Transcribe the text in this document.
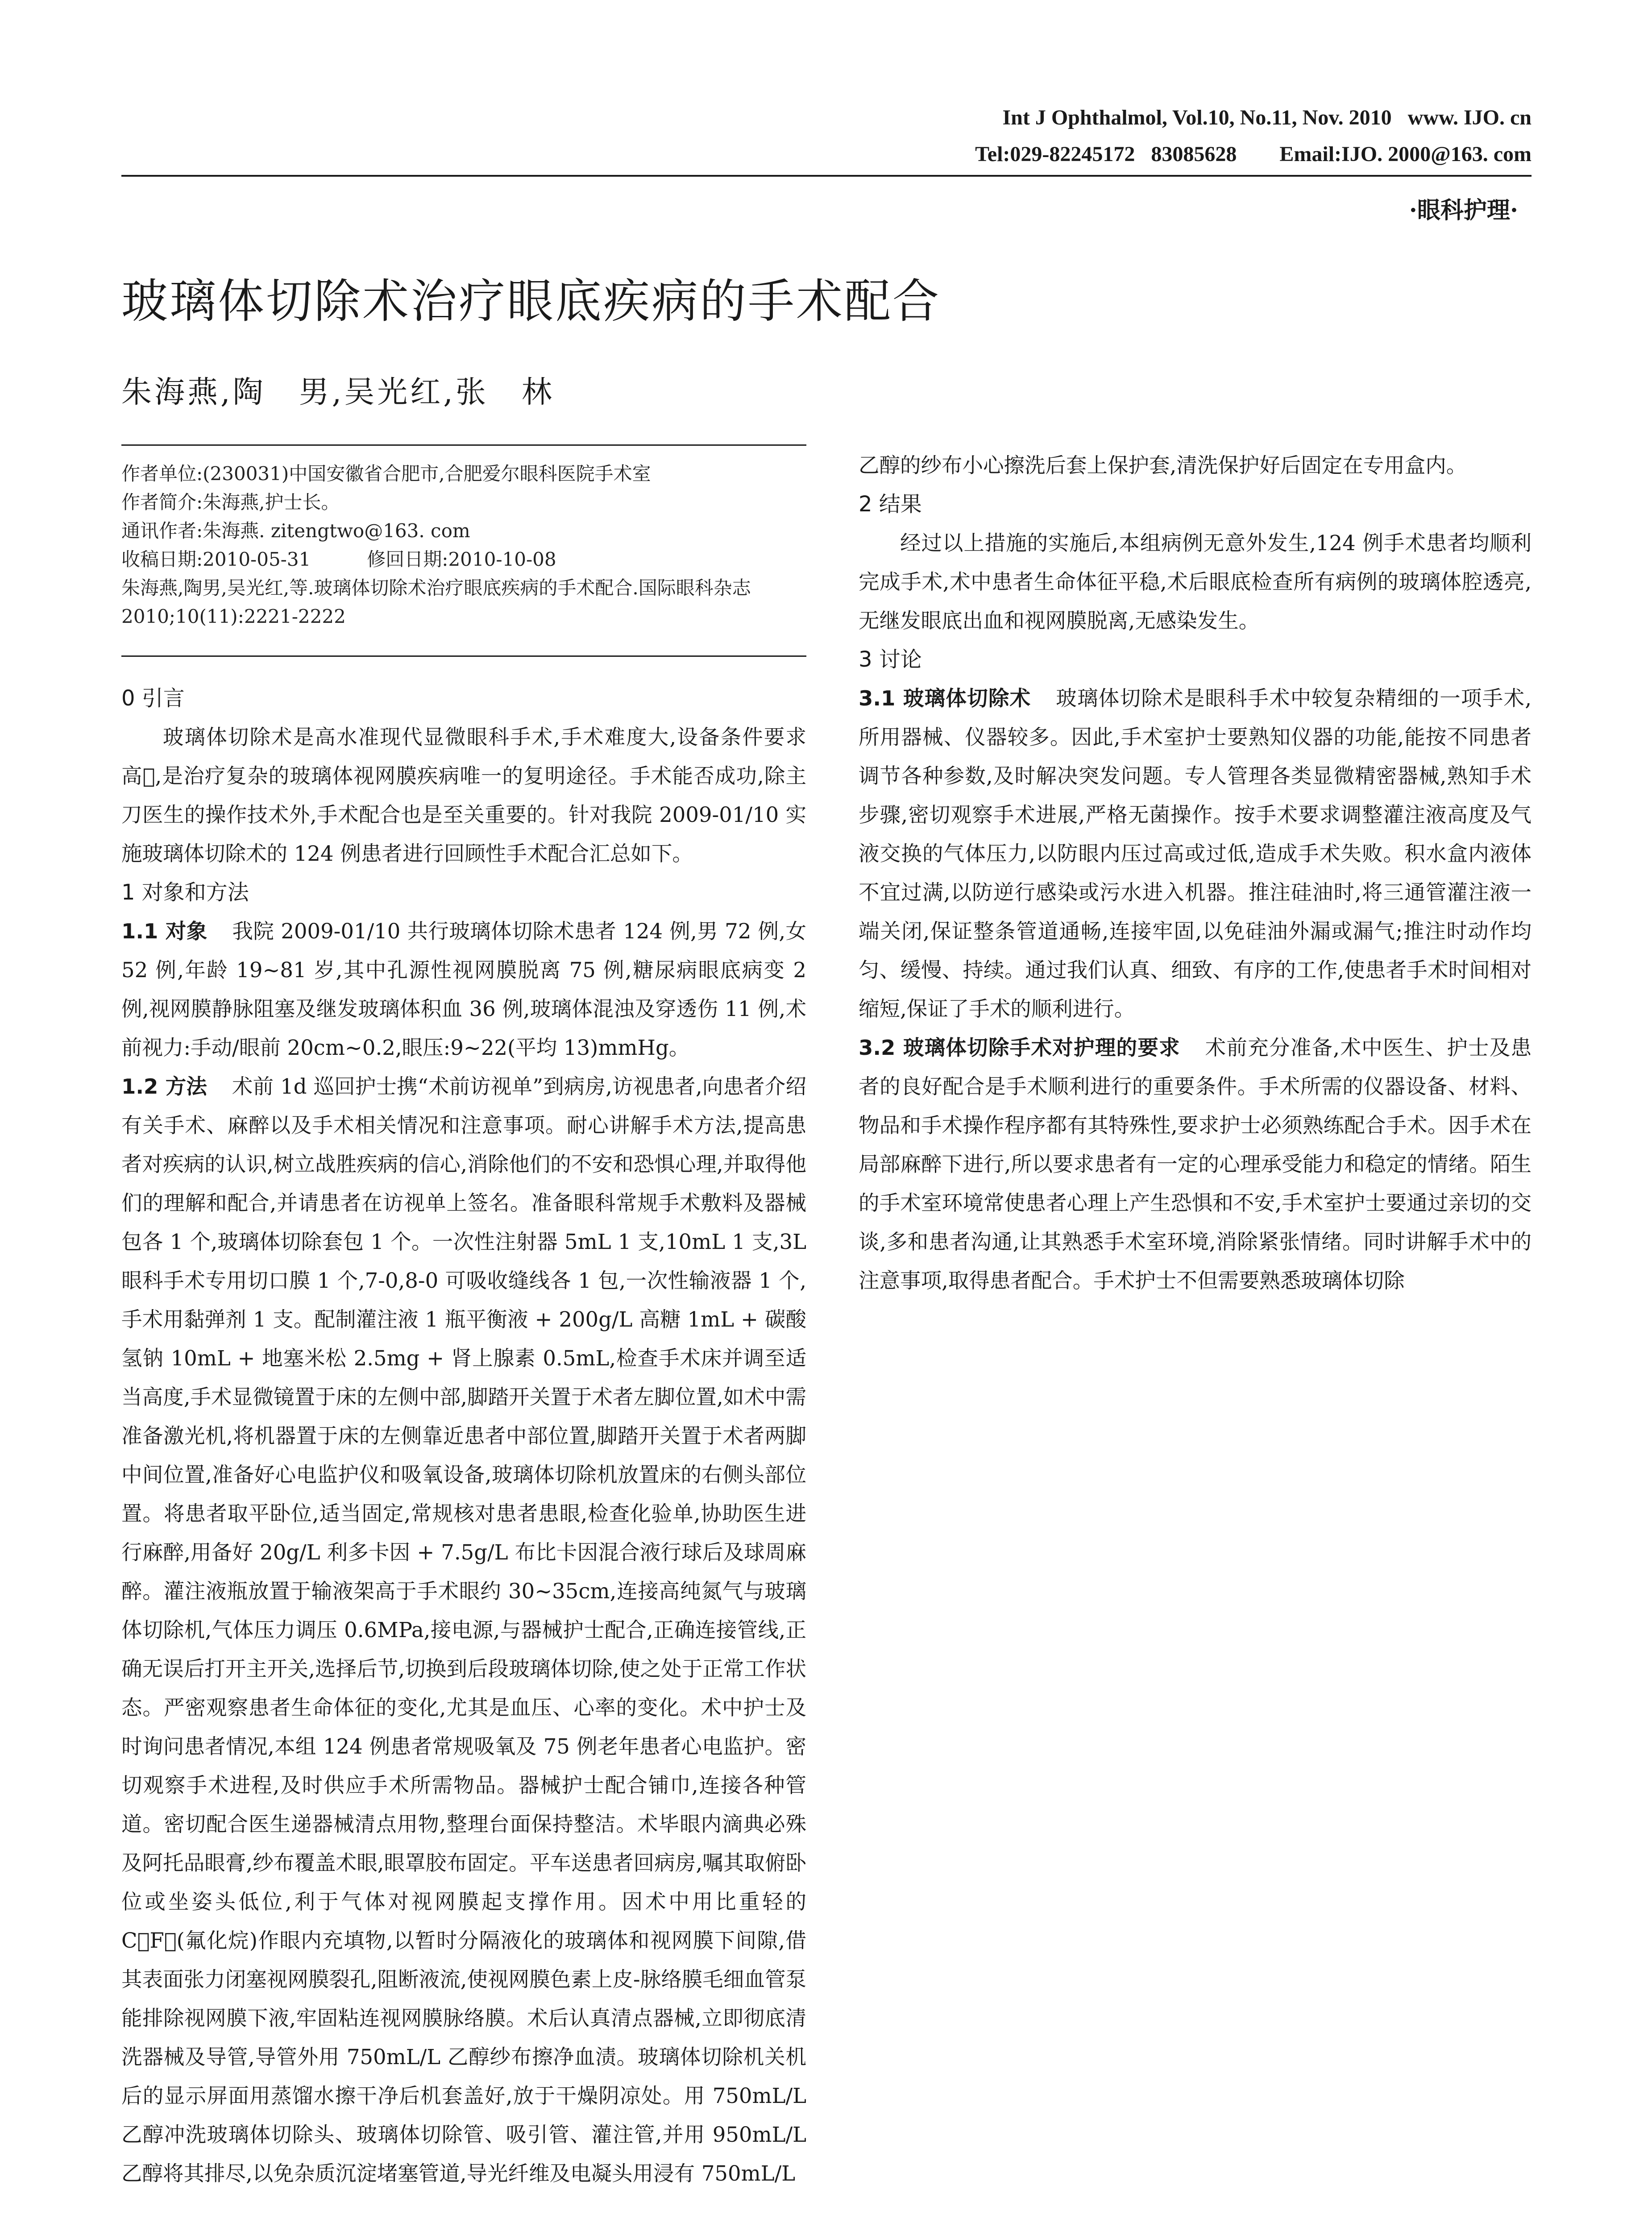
Int J Ophthalmol, Vol.10, No.11, Nov. 2010   www. IJO. cn
Tel:029-82245172   83085628        Email:IJO. 2000@163. com
·眼科护理·
玻璃体切除术治疗眼底疾病的手术配合
朱海燕,陶　男,吴光红,张　林

作者单位:(230031)中国安徽省合肥市,合肥爱尔眼科医院手术室

作者简介:朱海燕,护士长。

通讯作者:朱海燕. zitengtwo@163. com

收稿日期:2010-05-31　　　修回日期:2010-10-08

朱海燕,陶男,吴光红,等.玻璃体切除术治疗眼底疾病的手术配合.国际眼科杂志 2010;10(11):2221-2222

0 引言

玻璃体切除术是高水准现代显微眼科手术,手术难度大,设备条件要求高 ,是治疗复杂的玻璃体视网膜疾病唯一的复明途径。手术能否成功,除主刀医生的操作技术外,手术配合也是至关重要的。针对我院 2009-01/10 实施玻璃体切除术的 124 例患者进行回顾性手术配合汇总如下。

1 对象和方法

1.1 对象 我院 2009-01/10 共行玻璃体切除术患者 124 例,男 72 例,女 52 例,年龄 19~81 岁,其中孔源性视网膜脱离 75 例,糖尿病眼底病变 2 例,视网膜静脉阻塞及继发玻璃体积血 36 例,玻璃体混浊及穿透伤 11 例,术前视力:手动/眼前 20cm~0.2,眼压:9~22(平均 13)mmHg。

1.2 方法 术前 1d 巡回护士携“术前访视单”到病房,访视患者,向患者介绍有关手术、麻醉以及手术相关情况和注意事项。耐心讲解手术方法,提高患者对疾病的认识,树立战胜疾病的信心,消除他们的不安和恐惧心理,并取得他们的理解和配合,并请患者在访视单上签名。准备眼科常规手术敷料及器械包各 1 个,玻璃体切除套包 1 个。一次性注射器 5mL 1 支,10mL 1 支,3L 眼科手术专用切口膜 1 个,7-0,8-0 可吸收缝线各 1 包,一次性输液器 1 个,手术用黏弹剂 1 支。配制灌注液 1 瓶平衡液 + 200g/L 高糖 1mL + 碳酸氢钠 10mL + 地塞米松 2.5mg + 肾上腺素 0.5mL,检查手术床并调至适当高度,手术显微镜置于床的左侧中部,脚踏开关置于术者左脚位置,如术中需准备激光机,将机器置于床的左侧靠近患者中部位置,脚踏开关置于术者两脚中间位置,准备好心电监护仪和吸氧设备,玻璃体切除机放置床的右侧头部位置。将患者取平卧位,适当固定,常规核对患者患眼,检查化验单,协助医生进行麻醉,用备好 20g/L 利多卡因 + 7.5g/L 布比卡因混合液行球后及球周麻醉。灌注液瓶放置于输液架高于手术眼约 30~35cm,连接高纯氮气与玻璃体切除机,气体压力调压 0.6MPa,接电源,与器械护士配合,正确连接管线,正确无误后打开主开关,选择后节,切换到后段玻璃体切除,使之处于正常工作状态。严密观察患者生命体征的变化,尤其是血压、心率的变化。术中护士及时询问患者情况,本组 124 例患者常规吸氧及 75 例老年患者心电监护。密切观察手术进程,及时供应手术所需物品。器械护士配合铺巾,连接各种管道。密切配合医生递器械清点用物,整理台面保持整洁。术毕眼内滴典必殊及阿托品眼膏,纱布覆盖术眼,眼罩胶布固定。平车送患者回病房,嘱其取俯卧位或坐姿头低位,利于气体对视网膜起支撑作用。因术中用比重轻的 C F (氟化烷)作眼内充填物,以暂时分隔液化的玻璃体和视网膜下间隙,借其表面张力闭塞视网膜裂孔,阻断液流,使视网膜色素上皮-脉络膜毛细血管泵能排除视网膜下液,牢固粘连视网膜脉络膜。术后认真清点器械,立即彻底清洗器械及导管,导管外用 750mL/L 乙醇纱布擦净血渍。玻璃体切除机关机后的显示屏面用蒸馏水擦干净后机套盖好,放于干燥阴凉处。用 750mL/L 乙醇冲洗玻璃体切除头、玻璃体切除管、吸引管、灌注管,并用 950mL/L 乙醇将其排尽,以免杂质沉淀堵塞管道,导光纤维及电凝头用浸有 750mL/L

乙醇的纱布小心擦洗后套上保护套,清洗保护好后固定在专用盒内。

2 结果

经过以上措施的实施后,本组病例无意外发生,124 例手术患者均顺利完成手术,术中患者生命体征平稳,术后眼底检查所有病例的玻璃体腔透亮,无继发眼底出血和视网膜脱离,无感染发生。

3 讨论

3.1 玻璃体切除术 玻璃体切除术是眼科手术中较复杂精细的一项手术,所用器械、仪器较多。因此,手术室护士要熟知仪器的功能,能按不同患者调节各种参数,及时解决突发问题。专人管理各类显微精密器械,熟知手术步骤,密切观察手术进展,严格无菌操作。按手术要求调整灌注液高度及气液交换的气体压力,以防眼内压过高或过低,造成手术失败。积水盒内液体不宜过满,以防逆行感染或污水进入机器。推注硅油时,将三通管灌注液一端关闭,保证整条管道通畅,连接牢固,以免硅油外漏或漏气;推注时动作均匀、缓慢、持续。通过我们认真、细致、有序的工作,使患者手术时间相对缩短,保证了手术的顺利进行。

3.2 玻璃体切除手术对护理的要求 术前充分准备,术中医生、护士及患者的良好配合是手术顺利进行的重要条件。手术所需的仪器设备、材料、物品和手术操作程序都有其特殊性,要求护士必须熟练配合手术。因手术在局部麻醉下进行,所以要求患者有一定的心理承受能力和稳定的情绪。陌生的手术室环境常使患者心理上产生恐惧和不安,手术室护士要通过亲切的交谈,多和患者沟通,让其熟悉手术室环境,消除紧张情绪。同时讲解手术中的注意事项,取得患者配合。手术护士不但需要熟悉玻璃体切除
